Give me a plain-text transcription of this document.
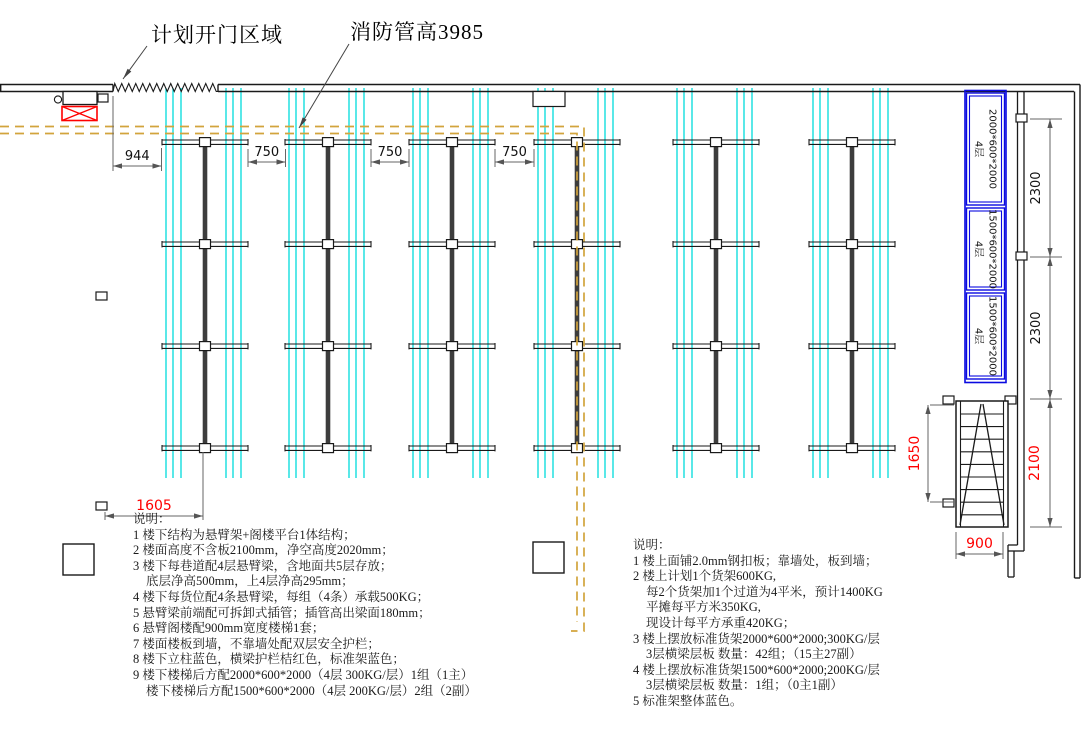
2000*600*2000
4层
1500*600*2000
4层
1500*600*2000
4层
944	750	750	750
2300
2300
2100
1650
900
1605
计划开门区域	消防管高3985
说明：
1 楼下结构为悬臂架+阁楼平台1体结构；
2 楼面高度不含板2100mm，净空高度2020mm；
3 楼下每巷道配4层悬臂梁，含地面共5层存放；
底层净高500mm，上4层净高295mm；
4 楼下每货位配4条悬臂梁，每组（4条）承载500KG；
5 悬臂梁前端配可拆卸式插管；插管高出梁面180mm；
6 悬臂阁楼配900mm宽度楼梯1套；
7 楼面楼板到墙，不靠墙处配双层安全护栏；
8 楼下立柱蓝色，横梁护栏桔红色，标准架蓝色；
9 楼下楼梯后方配2000*600*2000（4层 300KG/层）1组（1主）
楼下楼梯后方配1500*600*2000（4层 200KG/层）2组（2副）
说明：
1 楼上面铺2.0mm钢扣板；靠墙处，板到墙；
2 楼上计划1个货架600KG,
每2个货架加1个过道为4平米，预计1400KG
平摊每平方米350KG,
现设计每平方承重420KG；
3 楼上摆放标准货架2000*600*2000;300KG/层
3层横梁层板 数量：42组；（15主27副）
4 楼上摆放标准货架1500*600*2000;200KG/层
3层横梁层板 数量：1组；（0主1副）
5 标准架整体蓝色。
